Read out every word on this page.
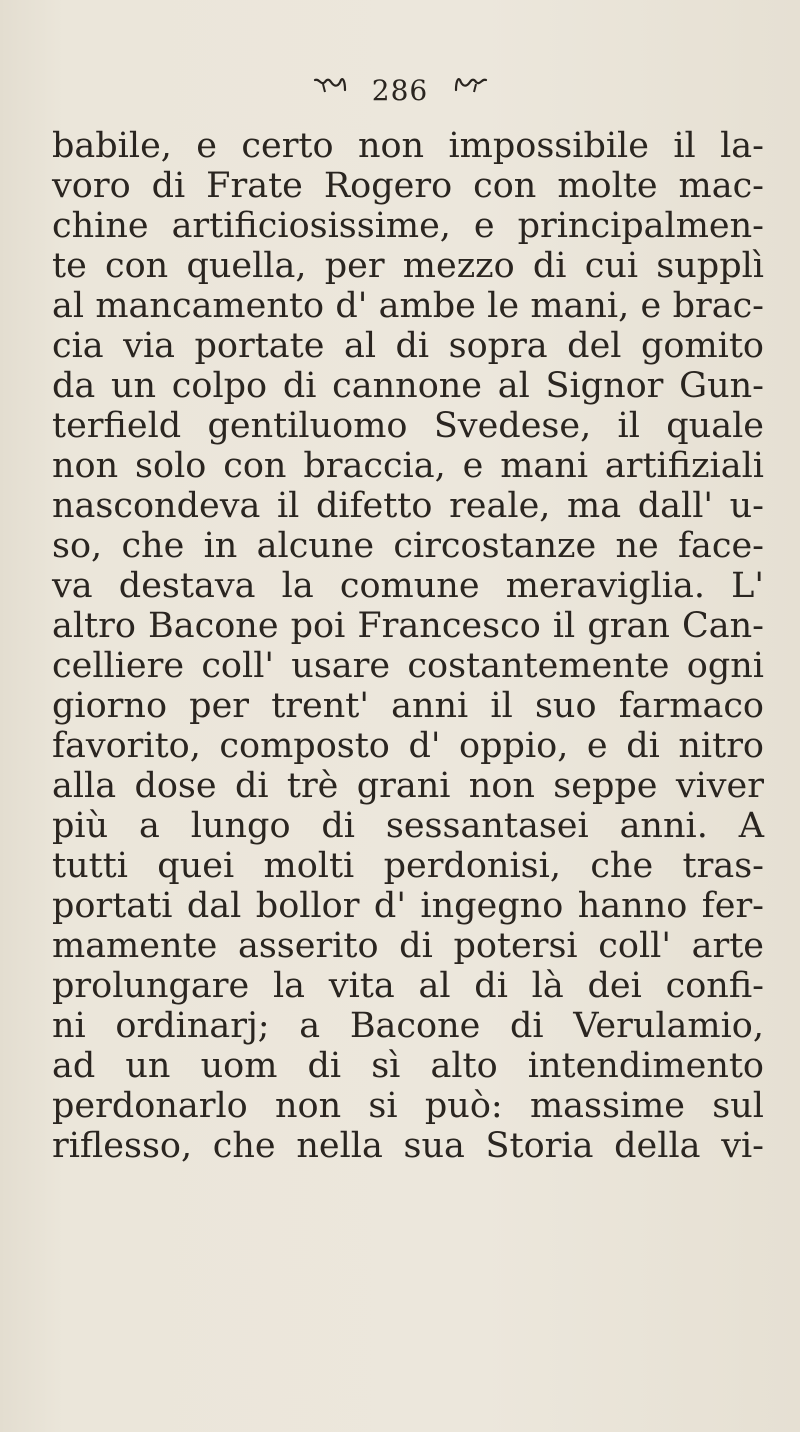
286
babile, e certo non impossibile il la-
voro di Frate Rogero con molte mac-
chine artificiosissime, e principalmen-
te con quella, per mezzo di cui supplì
al mancamento d' ambe le mani, e brac-
cia via portate al di sopra del gomito
da un colpo di cannone al Signor Gun-
terfield gentiluomo Svedese, il quale
non solo con braccia, e mani artifiziali
nascondeva il difetto reale, ma dall' u-
so, che in alcune circostanze ne face-
va destava la comune meraviglia. L'
altro Bacone poi Francesco il gran Can-
celliere coll' usare costantemente ogni
giorno per trent' anni il suo farmaco
favorito, composto d' oppio, e di nitro
alla dose di trè grani non seppe viver
più a lungo di sessantasei anni. A
tutti quei molti perdonisi, che tras-
portati dal bollor d' ingegno hanno fer-
mamente asserito di potersi coll' arte
prolungare la vita al di là dei confi-
ni ordinarj; a Bacone di Verulamio,
ad un uom di sì alto intendimento
perdonarlo non si può: massime sul
riflesso, che nella sua Storia della vi-
